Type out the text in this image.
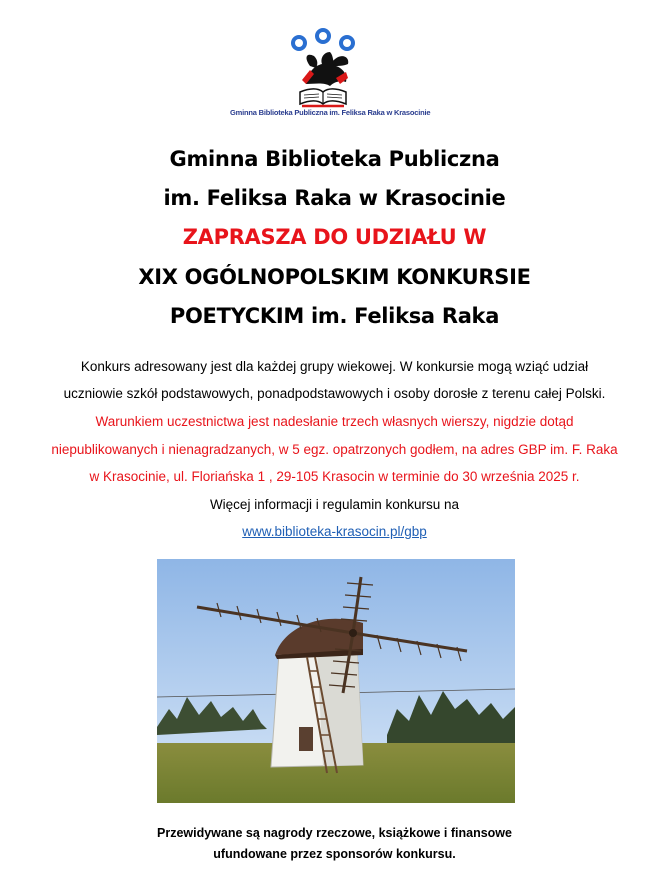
Gminna Biblioteka Publiczna im. Feliksa Raka w Krasocinie
Gminna Biblioteka Publiczna
im. Feliksa Raka w Krasocinie
ZAPRASZA DO UDZIAŁU W
XIX OGÓLNOPOLSKIM KONKURSIE
POETYCKIM im. Feliksa Raka
Konkurs adresowany jest dla każdej grupy wiekowej. W konkursie mogą wziąć udział
uczniowie szkół podstawowych, ponadpodstawowych i osoby dorosłe z terenu całej Polski.
Warunkiem uczestnictwa jest nadesłanie trzech własnych wierszy, nigdzie dotąd
niepublikowanych i nienagradzanych, w 5 egz. opatrzonych godłem, na adres GBP im. F. Raka
w Krasocinie, ul. Floriańska 1 , 29-105 Krasocin w terminie do 30 września 2025 r.
Więcej informacji i regulamin konkursu na
www.biblioteka-krasocin.pl/gbp
Przewidywane są nagrody rzeczowe, książkowe i finansowe
ufundowane przez sponsorów konkursu.
